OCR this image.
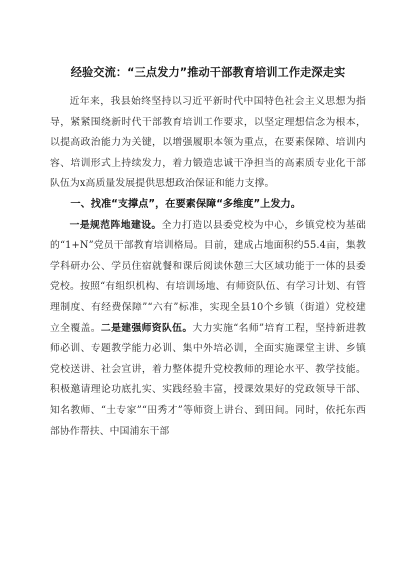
经验交流：“三点发力”推动干部教育培训工作走深走实

近年来，我县始终坚持以习近平新时代中国特色社会主义思想为指导，紧紧围绕新时代干部教育培训工作要求，以坚定理想信念为根本，以提高政治能力为关键，以增强履职本领为重点，在要素保障、培训内容、培训形式上持续发力，着力锻造忠诚干净担当的高素质专业化干部队伍为x高质量发展提供思想政治保证和能力支撑。

一、找准“支撑点”，在要素保障“多维度”上发力。

一是规范阵地建设。全力打造以县委党校为中心，乡镇党校为基础的“1+N”党员干部教育培训格局。目前，建成占地面积约55.4亩，集教学科研办公、学员住宿就餐和课后阅读休憩三大区域功能于一体的县委党校。按照“有组织机构、有培训场地、有师资队伍、有学习计划、有管理制度、有经费保障”“六有”标准，实现全县10个乡镇（街道）党校建立全覆盖。二是建强师资队伍。大力实施“名师”培育工程，坚持新进教师必训、专题教学能力必训、集中外培必训，全面实施课堂主讲、乡镇党校送讲、社会宣讲，着力整体提升党校教师的理论水平、教学技能。积极邀请理论功底扎实、实践经验丰富，授课效果好的党政领导干部、知名教师、“土专家”“田秀才”等师资上讲台、到田间。同时，依托东西部协作帮扶、中国浦东干部
